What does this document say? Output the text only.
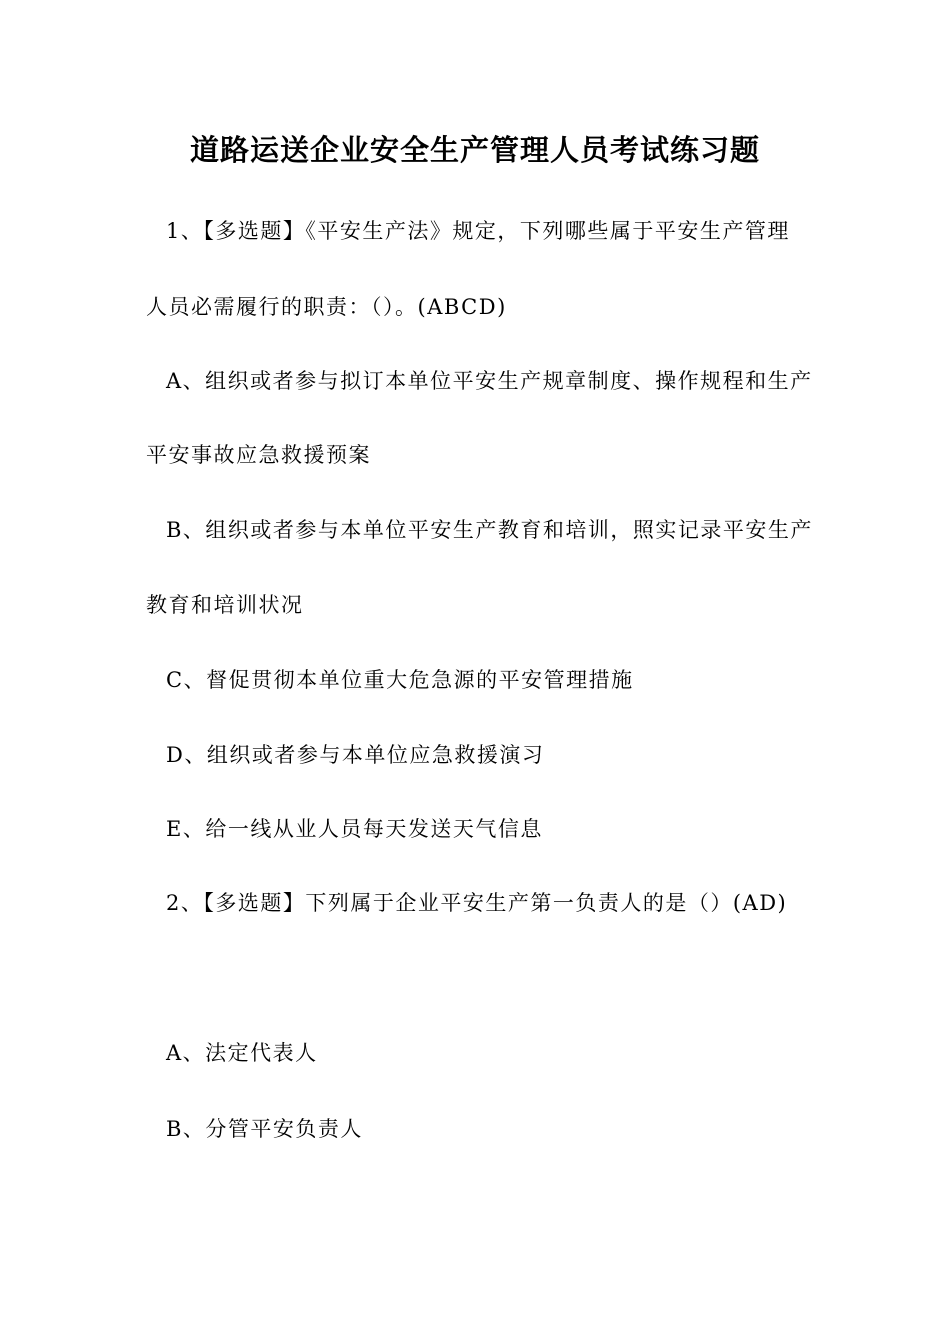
道路运送企业安全生产管理人员考试练习题
1、【多选题】《平安生产法》规定，下列哪些属于平安生产管理
人员必需履行的职责：（）。(ABCD)
A、组织或者参与拟订本单位平安生产规章制度、操作规程和生产
平安事故应急救援预案
B、组织或者参与本单位平安生产教育和培训，照实记录平安生产
教育和培训状况
C、督促贯彻本单位重大危急源的平安管理措施
D、组织或者参与本单位应急救援演习
E、给一线从业人员每天发送天气信息
2、【多选题】下列属于企业平安生产第一负责人的是（）(AD)
A、法定代表人
B、分管平安负责人
